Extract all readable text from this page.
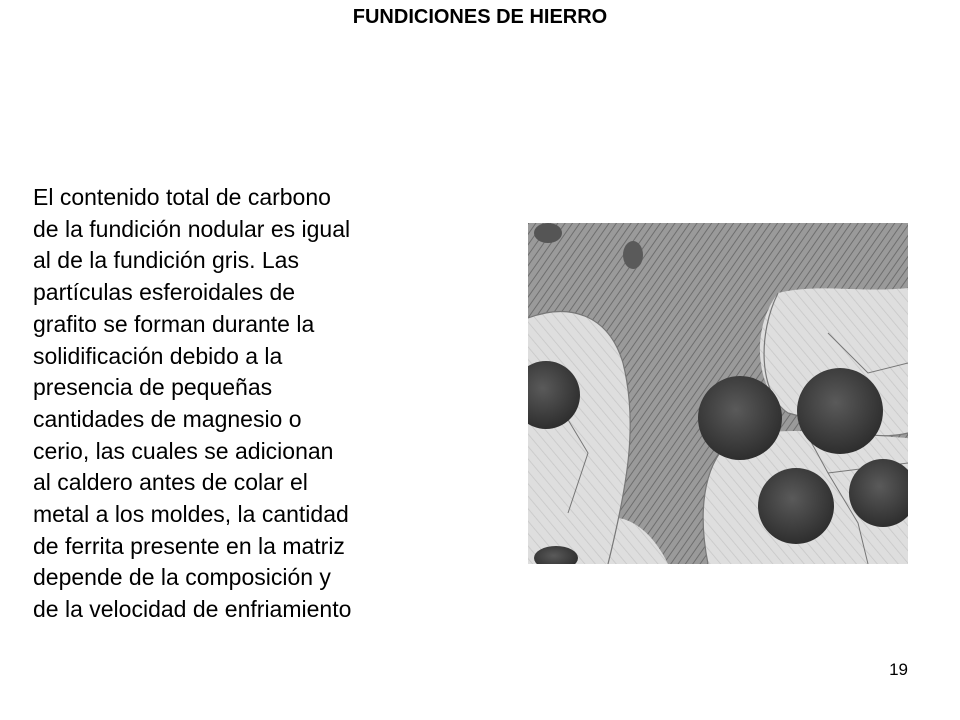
FUNDICIONES DE HIERRO
El contenido total de carbono
de la fundición nodular es igual
al de la fundición gris. Las
partículas esferoidales de
grafito se forman durante la
solidificación debido a la
presencia de pequeñas
cantidades de magnesio o
cerio, las cuales se adicionan
al caldero antes de colar el
metal a los moldes, la cantidad
de ferrita presente en la matriz
depende de la composición y
de la velocidad de enfriamiento
19
